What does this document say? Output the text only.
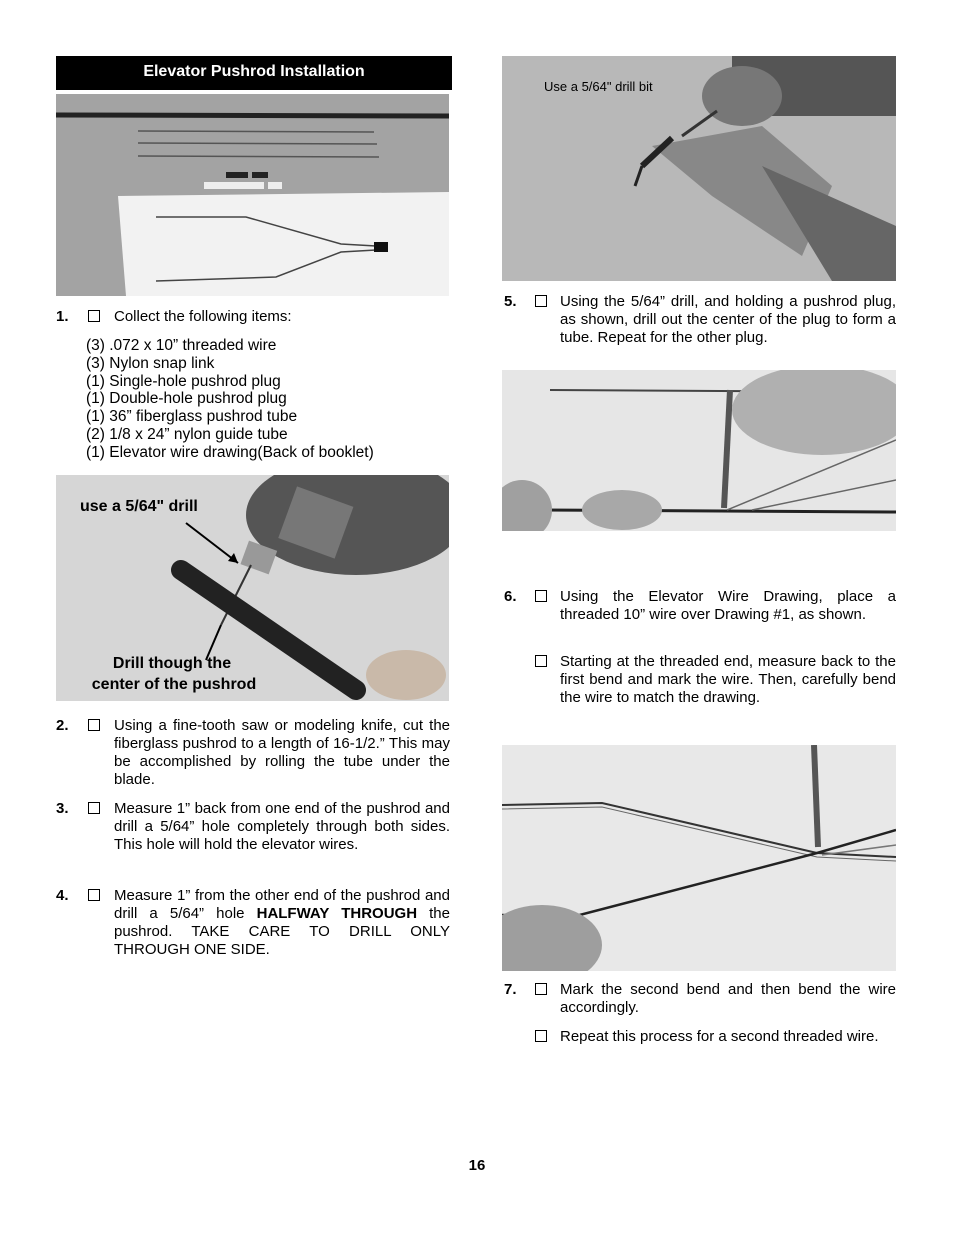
Elevator Pushrod Installation
1.	Collect the following items:
(3) .072 x 10” threaded wire
(3) Nylon snap link
(1) Single-hole pushrod plug
(1) Double-hole pushrod plug
(1) 36” fiberglass pushrod tube
(2) 1/8 x 24” nylon guide tube
(1) Elevator wire drawing(Back of booklet)
use a 5/64" drill
Drill though the
center of the pushrod
2.	Using a fine-tooth saw or modeling knife, cut the fiberglass pushrod to a length of 16-1/2.” This may be accomplished by rolling the tube under the blade.
3.	Measure 1” back from one end of the pushrod and drill a 5/64” hole completely through both sides. This hole will hold the elevator wires.
4.	Measure 1” from the other end of the pushrod and drill a 5/64” hole HALFWAY THROUGH the pushrod. TAKE CARE TO DRILL ONLY THROUGH ONE SIDE.
Use a 5/64" drill bit
5.	Using the 5/64” drill, and holding a pushrod plug, as shown, drill out the center of the plug to form a tube. Repeat for the other plug.
6.	Using the Elevator Wire Drawing, place a threaded 10” wire over Drawing #1, as shown.
Starting at the threaded end, measure back to the first bend and mark the wire. Then, carefully bend the wire to match the drawing.
7.	Mark the second bend and then bend the wire accordingly.
Repeat this process for a second threaded wire.
16
